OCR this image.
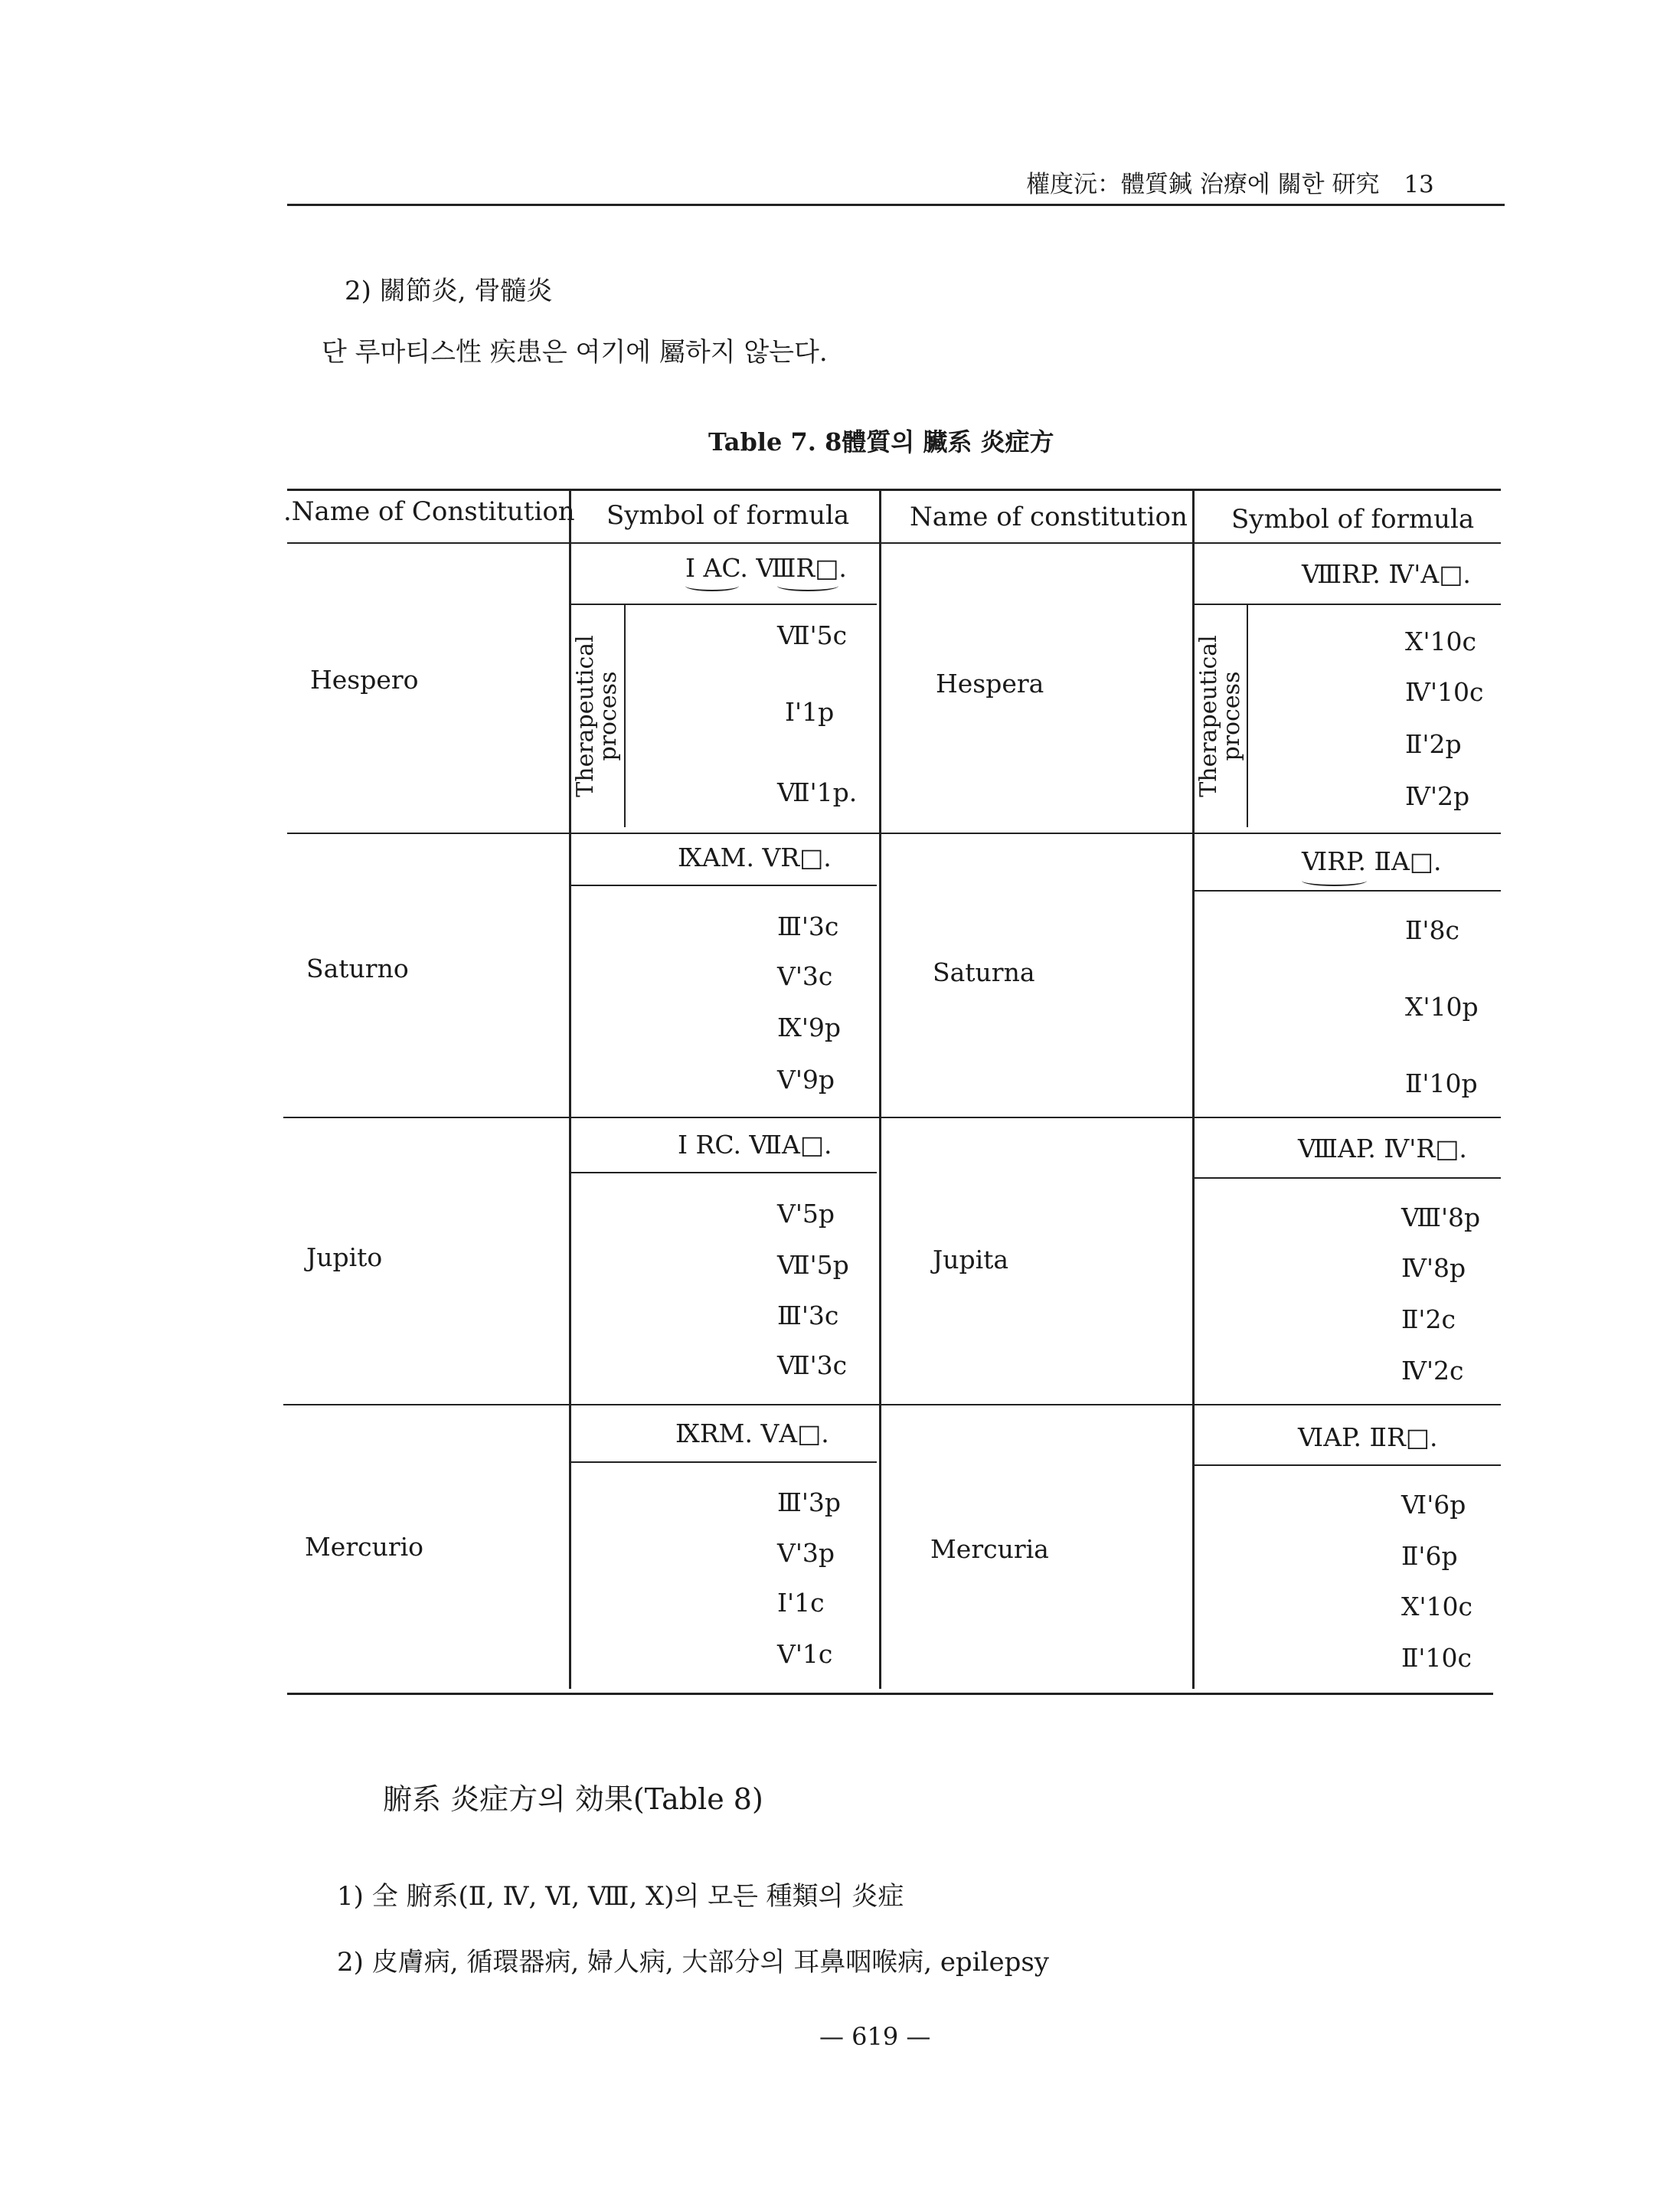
權度沅：體質鍼 治療에 關한 研究 13
2) 關節炎, 骨髓炎
단 루마티스性 疾患은 여기에 屬하지 않는다.
Table 7. 8體質의 臟系 炎症方
.Name of Constitution Symbol of formula Name of constitution Symbol of formula
Therapeutical
process	Therapeutical
process
Hespero
Ⅰ AC. ⅧR□.
Ⅶ'5c
Ⅰ'1p
Ⅶ'1p.
Hespera
ⅧRP. Ⅳ'A□.
Ⅹ'10c
Ⅳ'10c
Ⅱ'2p
Ⅳ'2p
Saturno
ⅨAM. ⅤR□.
Ⅲ'3c
Ⅴ'3c
Ⅸ'9p
Ⅴ'9p
Saturna
ⅥRP. ⅡA□.
Ⅱ'8c
Ⅹ'10p
Ⅱ'10p
Jupito
Ⅰ RC. ⅦA□.
Ⅴ'5p
Ⅶ'5p
Ⅲ'3c
Ⅶ'3c
Jupita
ⅧAP. Ⅳ'R□.
Ⅷ'8p
Ⅳ'8p
Ⅱ'2c
Ⅳ'2c
Mercurio
ⅨRM. ⅤA□.
Ⅲ'3p
Ⅴ'3p
Ⅰ'1c
Ⅴ'1c
Mercuria
ⅥAP. ⅡR□.
Ⅵ'6p
Ⅱ'6p
Ⅹ'10c
Ⅱ'10c
腑系 炎症方의 効果(Table 8)
1) 全 腑系(Ⅱ, Ⅳ, Ⅵ, Ⅷ, Ⅹ)의 모든 種類의 炎症
2) 皮膚病, 循環器病, 婦人病, 大部分의 耳鼻咽喉病, epilepsy
— 619 —
